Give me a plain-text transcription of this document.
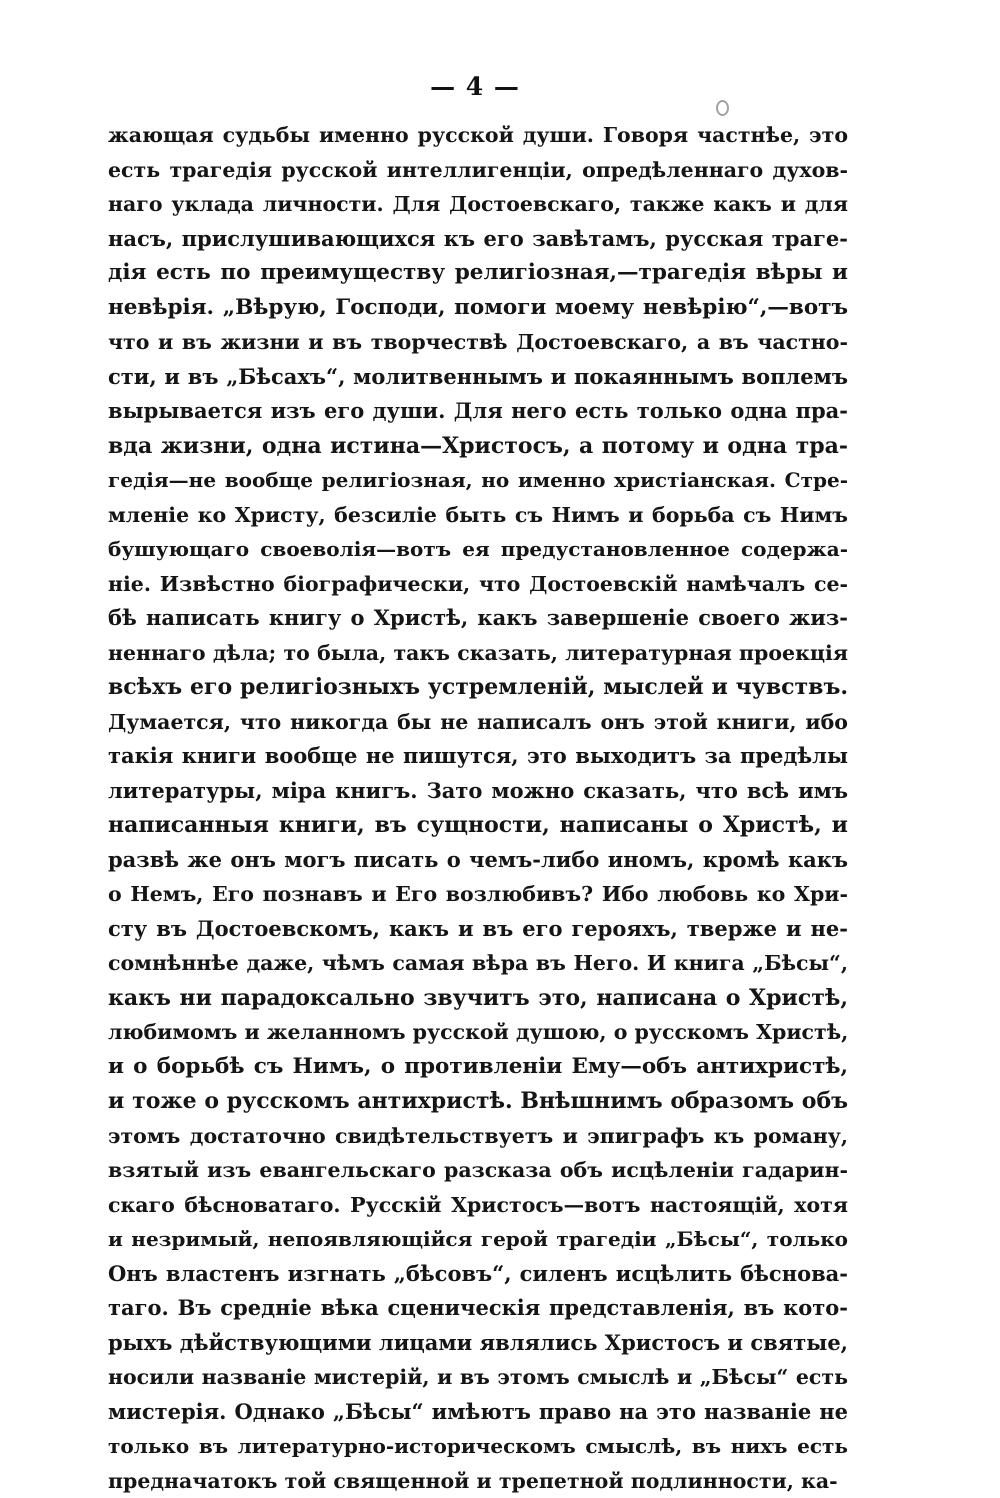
— 4 —
жающая судьбы именно русской души. Говоря частнѣе, это
есть трагедія русской интеллигенціи, опредѣленнаго духов-
наго уклада личности. Для Достоевскаго, также какъ и для
насъ, прислушивающихся къ его завѣтамъ, русская траге-
дія есть по преимуществу религіозная,—трагедія вѣры и
невѣрія. „Вѣрую, Господи, помоги моему невѣрію“,—вотъ
что и въ жизни и въ творчествѣ Достоевскаго, а въ частно-
сти, и въ „Бѣсахъ“, молитвеннымъ и покаяннымъ воплемъ
вырывается изъ его души. Для него есть только одна пра-
вда жизни, одна истина—Христосъ, а потому и одна тра-
гедія—не вообще религіозная, но именно христіанская. Стре-
мленіе ко Христу, безсиліе быть съ Нимъ и борьба съ Нимъ
бушующаго своеволія—вотъ ея предустановленное содержа-
ніе. Извѣстно біографически, что Достоевскій намѣчалъ се-
бѣ написать книгу о Христѣ, какъ завершеніе своего жиз-
неннаго дѣла; то была, такъ сказать, литературная проекція
всѣхъ его религіозныхъ устремленій, мыслей и чувствъ.
Думается, что никогда бы не написалъ онъ этой книги, ибо
такія книги вообще не пишутся, это выходитъ за предѣлы
литературы, міра книгъ. Зато можно сказать, что всѣ имъ
написанныя книги, въ сущности, написаны о Христѣ, и
развѣ же онъ могъ писать о чемъ-либо иномъ, кромѣ какъ
о Немъ, Его познавъ и Его возлюбивъ? Ибо любовь ко Хри-
сту въ Достоевскомъ, какъ и въ его герояхъ, тверже и не-
сомнѣннѣе даже, чѣмъ самая вѣра въ Него. И книга „Бѣсы“,
какъ ни парадоксально звучитъ это, написана о Христѣ,
любимомъ и желанномъ русской душою, о русскомъ Христѣ,
и о борьбѣ съ Нимъ, о противленіи Ему—объ антихристѣ,
и тоже о русскомъ антихристѣ. Внѣшнимъ образомъ объ
этомъ достаточно свидѣтельствуетъ и эпиграфъ къ роману,
взятый изъ евангельскаго разсказа объ исцѣленіи гадарин-
скаго бѣсноватаго. Русскій Христосъ—вотъ настоящій, хотя
и незримый, непоявляющійся герой трагедіи „Бѣсы“, только
Онъ властенъ изгнать „бѣсовъ“, силенъ исцѣлить бѣснова-
таго. Въ средніе вѣка сценическія представленія, въ кото-
рыхъ дѣйствующими лицами являлись Христосъ и святые,
носили названіе мистерій, и въ этомъ смыслѣ и „Бѣсы“ есть
мистерія. Однако „Бѣсы“ имѣютъ право на это названіе не
только въ литературно-историческомъ смыслѣ, въ нихъ есть
предначатокъ той священной и трепетной подлинности, ка-
